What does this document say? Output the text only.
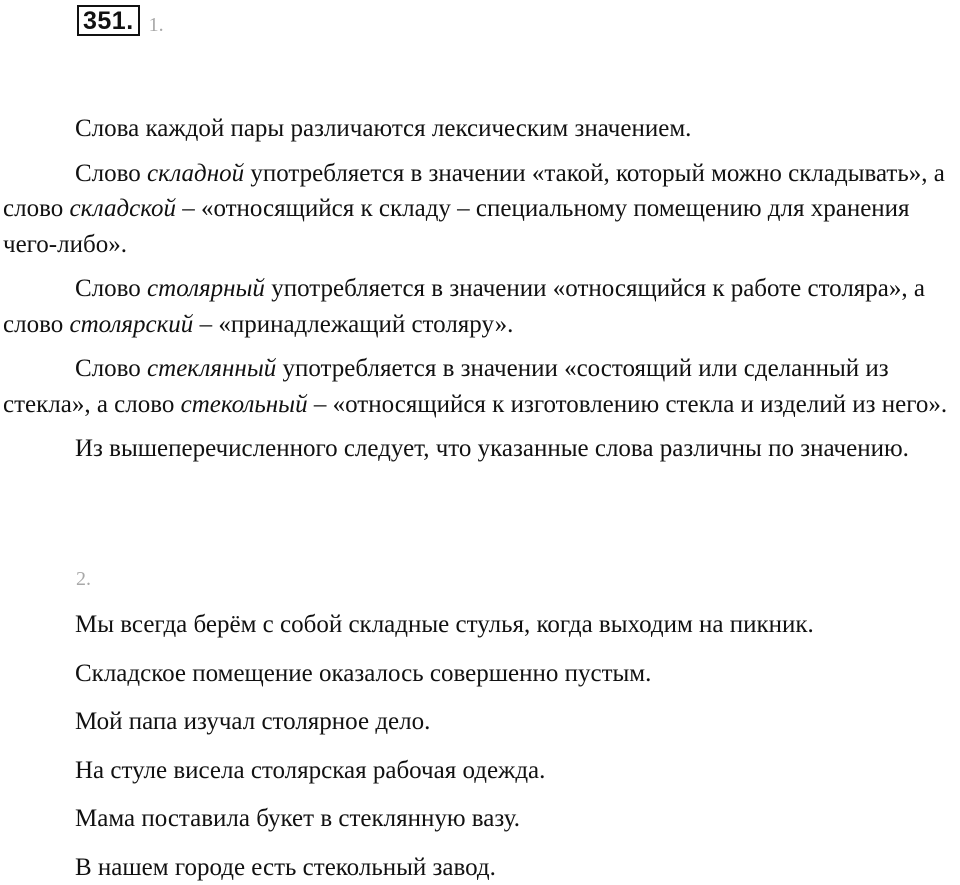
351. 1.

Слова каждой пары различаются лексическим значением.

Слово складной употребляется в значении «такой, который можно складывать», а слово складской – «относящийся к складу – специальному помещению для хранения чего-либо».

Слово столярный употребляется в значении «относящийся к работе столяра», а слово столярский – «принадлежащий столяру».

Слово стеклянный употребляется в значении «состоящий или сделанный из стекла», а слово стекольный – «относящийся к изготовлению стекла и изделий из него».

Из вышеперечисленного следует, что указанные слова различны по значению.

2.

Мы всегда берём с собой складные стулья, когда выходим на пикник.

Складское помещение оказалось совершенно пустым.

Мой папа изучал столярное дело.

На стуле висела столярская рабочая одежда.

Мама поставила букет в стеклянную вазу.

В нашем городе есть стекольный завод.
